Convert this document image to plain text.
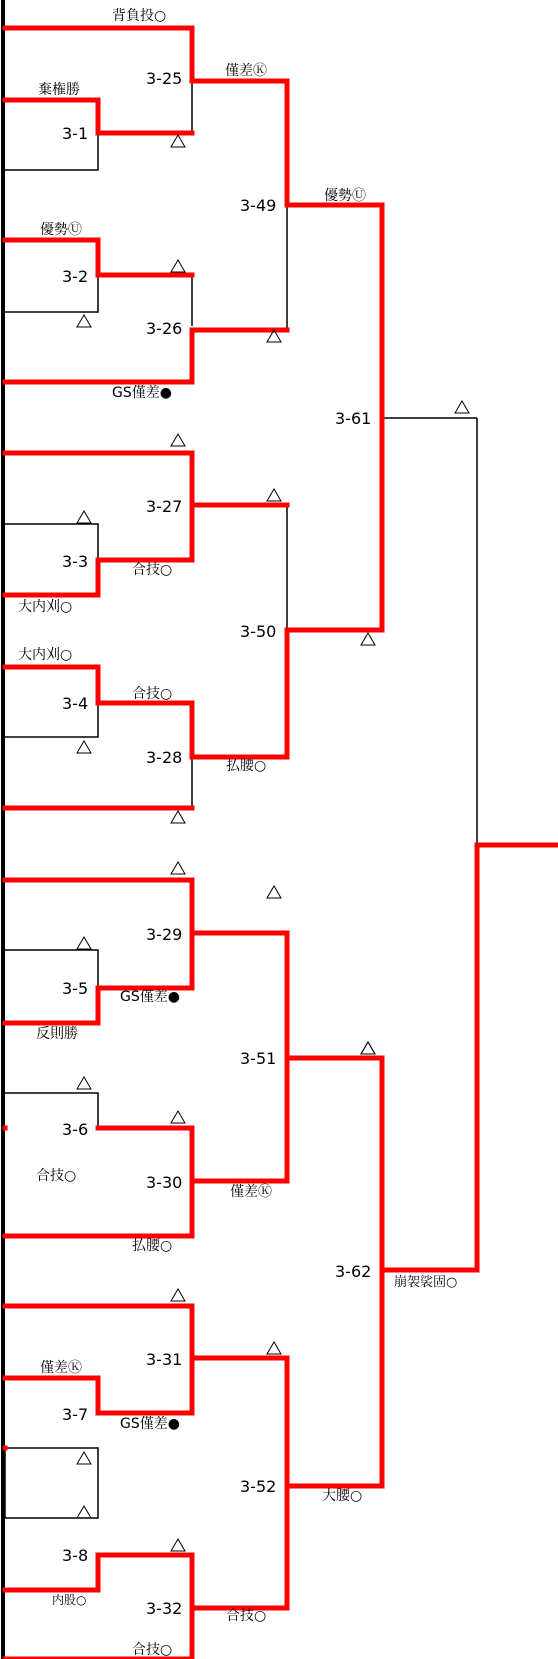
3-1
3-2
3-3
3-4
3-5
3-6
3-7
3-8
3-25
3-26
3-27
3-28
3-29
3-30
3-31
3-32
3-49
3-50
3-51
3-52
3-61
3-62
棄権勝
優勢Ⓤ
大内刈○
大内刈○
反則勝
合技○
僅差Ⓚ
内股○
背負投○
GS僅差●
合技○
合技○
GS僅差●
払腰○
GS僅差●
合技○
僅差Ⓚ
払腰○
僅差Ⓚ
合技○
優勢Ⓤ
大腰○
崩袈裟固○
